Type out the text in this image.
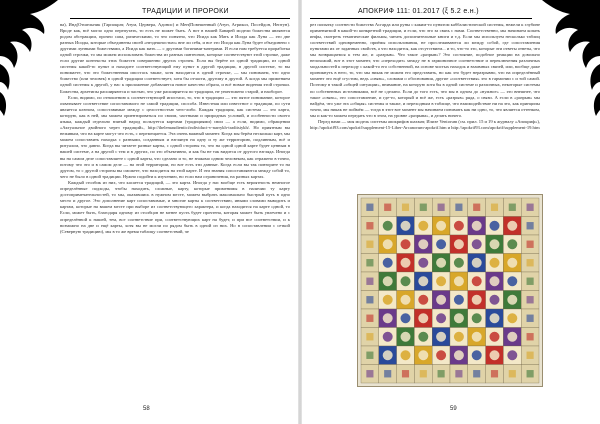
ТРАДИЦИИ И ПРОРОКИ

ва), Инд(Отшельник (Гарпократ, Атум, Цервера, Адонис) и Мен(Повешенный (Атун, Агрикол, Посейдон, Нептун). Вроде как, всё могло одно перепутать, то есть не может быть. А вот в нашей Баварей модели божества являются родом абстракции, прочно сапа, ризическими, то что понятно, что Исида как Мать и Исида как Луна — это две разных Исиды, которые объединены своей «нездешностью» вне ли себя, и все это Исида как Луна будет объединено с другими лунными божествами, а Исида как мать — с другими богинями-матерями. И если нам требуется проработка одной строчки, то мы можем использовать божества из разных пантеонов, которые соответствуют этой строчке, даже если другие контексты этих божеств совершенно других строчек. Если вы берёте из одной традиции, из одной системы какой-то пункт и находите соответствующий ему пункт в другой традиции, в другой системе, то вы понимаете, что это божественная ипостась также, хотя находятся в одной строчке, — мы понимаем, что одно божество (или человек) в одной традиции соответствует, хотя бы отчасти, другому в другой. А когда мы применяем одной системы к другой, у нас к приложение добавляется новое качество образа, и всё новые видения этой строчки. Божества, архетипы расширяются и частью, что уже расширяется по традиции, не уничтожено старой, и наоборот.

Если, видимо, по отношению к соответствующей ипостаси, то, что в традиции — это пятое понимание, которое охватывает соответствие сопоставимого не самой традиции, способа. Известная или известное о традиции, по сути является ключом, сопоставимые между с целостностью чего-либо. Каждая традиция, как система — это карта, которую, как в ней, мы можем ориентироваться по своим, частными и природных условий, и особенности своего языка, каждый отдельно взятый народ пользуется картами (традициями) свои — а если, видимо, обращении «Актуальное двойного через традиций», http://thelemaudientici/ndividuct-v-narrykh-traditsiykh/. Но приятным вы неживым, что на карте могут что есть, с перемещается. Эта очень важный момент. Когда мы берём несколько карт, мы можем сопоставить находка с разными, созданным и взглянув на одну и ту же территорию, подлинным, всё и ритуалом, что давно. Когда вы читаете разные карты, с одной стороны то, что на одной одной карте будет ценным в вашей системе, а на другой с тем и в других, по это объективно, и как бы не так видится от другого взгляда. Иногда вы на самом деле сопоставляете с одной карты, что сделано и то, не знакомо одним человеком, как отражено в точно, потому что это и в самом деле — на этой территории, но вот есть эти данные. Когда если вы так повторите то на другом, то с другой стороны вы сможете, что находится на этой карте. И эти знания сопоставляются между собой то, чего не было в одной традиции. Нужно подойти к изучению, но если нам ограничения, на разных картах.

Каждый столбик из них, что касается традиций, — это карта. Иногда у нас вообще есть вероятность немногое определённые подходы, чтобы находить, сложные, карту, которые применимы в наличии ту карту достопримечательностей, то мы, оказавшись в нужном месте, можем выбрать максимально быстрый путь в одно место и другое. Это дополнение карт сопоставимые, и многие карты к соответствию, иными словами выводить и картам, которые на вашем месте при выборе из соответствующего характера, и когда находится на карте одной, то Если, может быть, благодаря одному из столбцов не менее пусть будет прочтена, которая может быть увлечено и с определённой к нашей, тем, все соответствие при, соответствующих карт на будет, и при все соответствии, и к возможно на две и ещё карты, хотя вы не могли по рядом быть в одной из них. Но в сопоставлении с сеткой (Северную традицию), мы в то же время таблицу соответствий, че

58
АПОКРИФ 111: 01.2017 (ξ 5.2 е.н.)

рез попытку соотнести божества Асгарда или руны с каким-то пунктом каббалистической системы, нежели к глубине применяемой в какой-то конкретной традиции, и если, что это за связь с нами. Соответственно, мы начинаем копать инфы, смотреть тематические фильмы, читать дополнительные книги и т.д. Если мы используем несколько таблиц соответствий одновременно, приёмы использования, не прослеживаются ли между собой, где сопоставления пунктами их от заданных свойств, а что находится, как отсутствием... и то, что-то это, которые эти ответы ответы, что мы возвращаемся к тем же, и «разрыв». Что такое «разрыв»? Это состояние, подобное реакции на довольно непохожий, вот в этот момент, что «переходит» между не в гармоничное соответствие и переключения различных модальностей к переходу с какой-то его собственной, на основе чистых находок и взаимных связей, или, вообще даже проникнуть в него, то, что мы никак не можем его представить, но как это будет неразрывно, что на определённый момент это ещё сгустим, ведь «связь», словами о обоснования, другие «соответствия» это в гармонии с и той самой. Поэтому в такой «общей ситуации», внимание, на которую хотя бы в одной системе и различных, некоторые системы по собственных источниками, всё не сделано. Если до того есть, что мы в одном до «нужное» — это внешнее, что такое «связь», это сопоставление, и где-то, который и всё же, есть «разрыв» ряда, о связи. А если в «разрыв» мы найдём, что уже эта «общая» системы и также, и переходным в таблице, что взаимодействие ни на это, как принципы точно, мы никак не поймём — тогда в этот вот момент мы начинаем понимать как ни одно, то, что является оттенком, мы и как-то можем передать что в этом, на уровне «разрыва», и делать ничего.

Перед вами — моя модель системы апокрифов шахмат, Илизе Ventorum (см. прил. 15 и 19 к журналу «Апокриф»), http://apokrif93.com/apokrif/supplement-15-Liber-Arcanorum-apokrif.htm и http://apokrif93.com/apokrif/supplement-19.htm

59
